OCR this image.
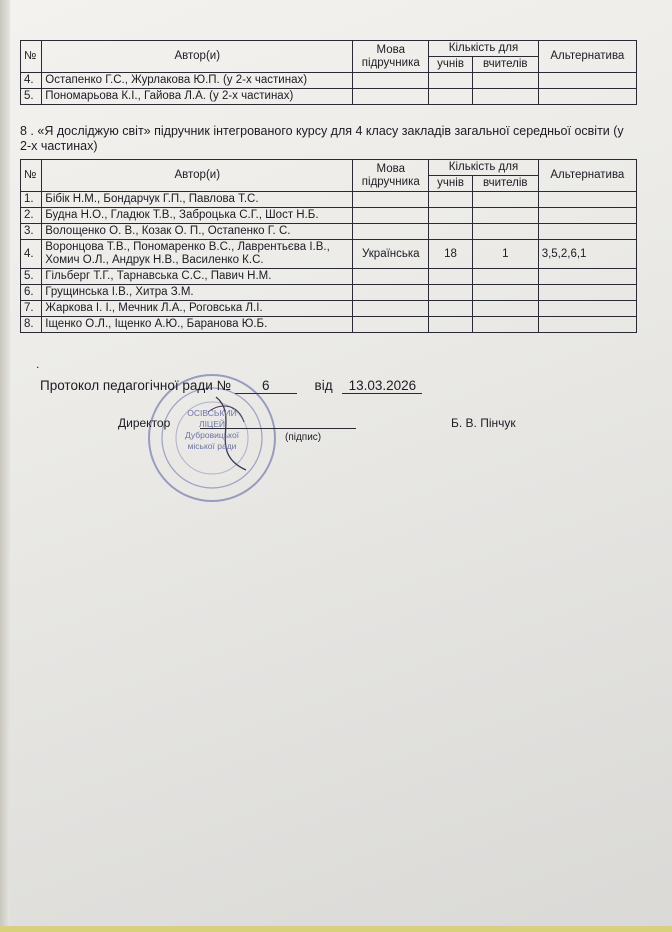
№	Автор(и)	Мова підручника	Кількість для		Альтернатива
			учнів	вчителів	
4.	Остапенко Г.С., Журлакова Ю.П. (у 2-х частинах)				
5.	Пономарьова К.І., Гайова Л.А. (у 2-х частинах)				
8 . «Я досліджую світ» підручник інтегрованого курсу для 4 класу закладів загальної середньої освіти (у 2-х частинах)
№	Автор(и)	Мова підручника	Кількість для		Альтернатива
			учнів	вчителів	
1.	Бібік Н.М., Бондарчук Г.П., Павлова Т.С.				
2.	Будна Н.О., Гладюк Т.В., Заброцька С.Г., Шост Н.Б.				
3.	Волощенко О. В., Козак О. П., Остапенко Г. С.				
4.	Воронцова Т.В., Пономаренко В.С., Лаврентьєва І.В., Хомич О.Л., Андрук Н.В., Василенко К.С.	Українська	18	1	3,5,2,6,1
5.	Гільберг Т.Г., Тарнавська С.С., Павич Н.М.				
6.	Грущинська І.В., Хитра З.М.				
7.	Жаркова І. І., Мечник Л.А., Роговська Л.І.				
8.	Іщенко О.Л., Іщенко А.Ю., Баранова Ю.Б.				
.
ОСІВСЬКИЙ
ЛІЦЕЙ
Дубровицької
міської ради
Протокол педагогічної ради № 6	від 13.03.2026
Директор
(підпис)
Б. В. Пінчук
